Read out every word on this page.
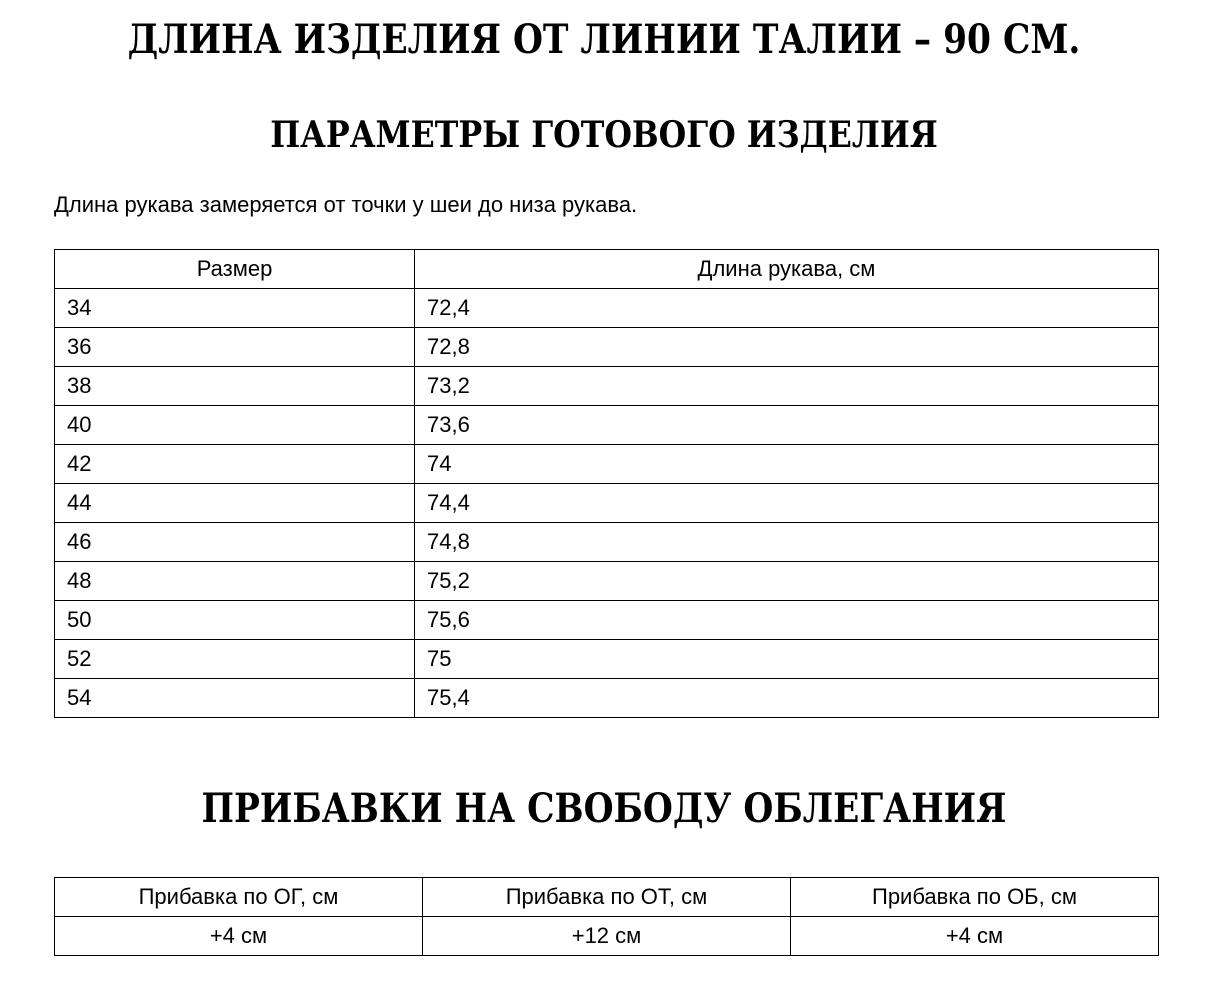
ДЛИНА ИЗДЕЛИЯ ОТ ЛИНИИ ТАЛИИ – 90 СМ.
ПАРАМЕТРЫ ГОТОВОГО ИЗДЕЛИЯ

Длина рукава замеряется от точки у шеи до низа рукава.

Размер	Длина рукава, см
34	72,4
36	72,8
38	73,2
40	73,6
42	74
44	74,4
46	74,8
48	75,2
50	75,6
52	75
54	75,4
ПРИБАВКИ НА СВОБОДУ ОБЛЕГАНИЯ
Прибавка по ОГ, см	Прибавка по ОТ, см	Прибавка по ОБ, см
+4 см	+12 см	+4 см
